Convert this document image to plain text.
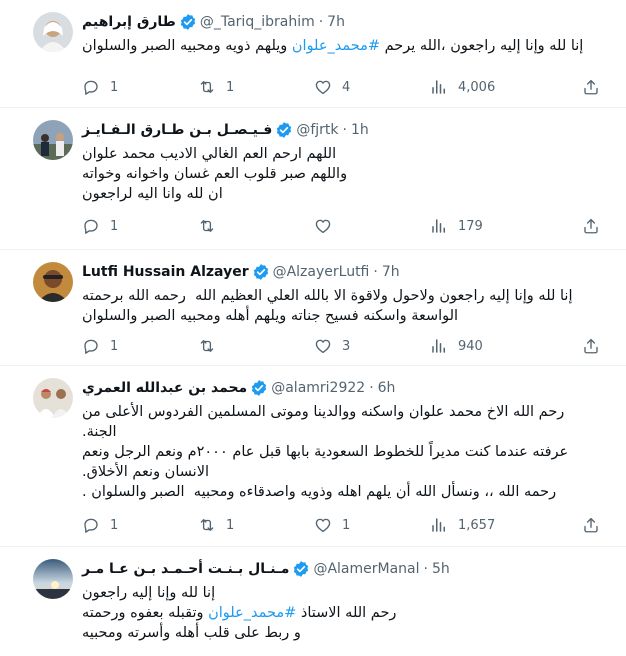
طارق إبراهيم @_Tariq_ibrahim · 7h

إنا لله وإنا إليه راجعون ،الله يرحم #محمد_علوان ويلهم ذويه ومحبيه الصبر والسلوان

1	1	4	4,006
فـيـصـل بـن طـارق الـفـايـز @fjrtk · 1h

اللهم ارحم العم الغالي الاديب محمد علوان

واللهم صبر قلوب العم غسان واخوانه وخواته

ان لله وانا اليه لراجعون

1	179
Lutfi Hussain Alzayer @AlzayerLutfi · 7h

إنا لله وإنا إليه راجعون ولاحول ولاقوة الا بالله العلي العظيم الله  رحمه الله برحمته

الواسعة واسكنه فسيح جناته ويلهم أهله ومحبيه الصبر والسلوان

1	3	940
محمد بن عبدالله العمري @alamri2922 · 6h

رحم الله الاخ محمد علوان واسكنه ووالدينا وموتى المسلمين الفردوس الأعلى من

الجنة.

عرفته عندما كنت مديراً للخطوط السعودية بابها قبل عام ٢٠٠٠م ونعم الرجل ونعم

الانسان ونعم الأخلاق.

رحمه الله ،، ونسأل الله أن يلهم اهله وذويه واصدقاءه ومحبيه  الصبر والسلوان .

1	1	1	1,657
مـنـال بـنـت أحـمـد بـن عـا مـر @AlamerManal · 5h

إنا لله وإنا إليه راجعون

رحم الله الاستاذ #محمد_علوان وتقبله بعفوه ورحمته

و ربط على قلب أهله وأسرته ومحبيه
